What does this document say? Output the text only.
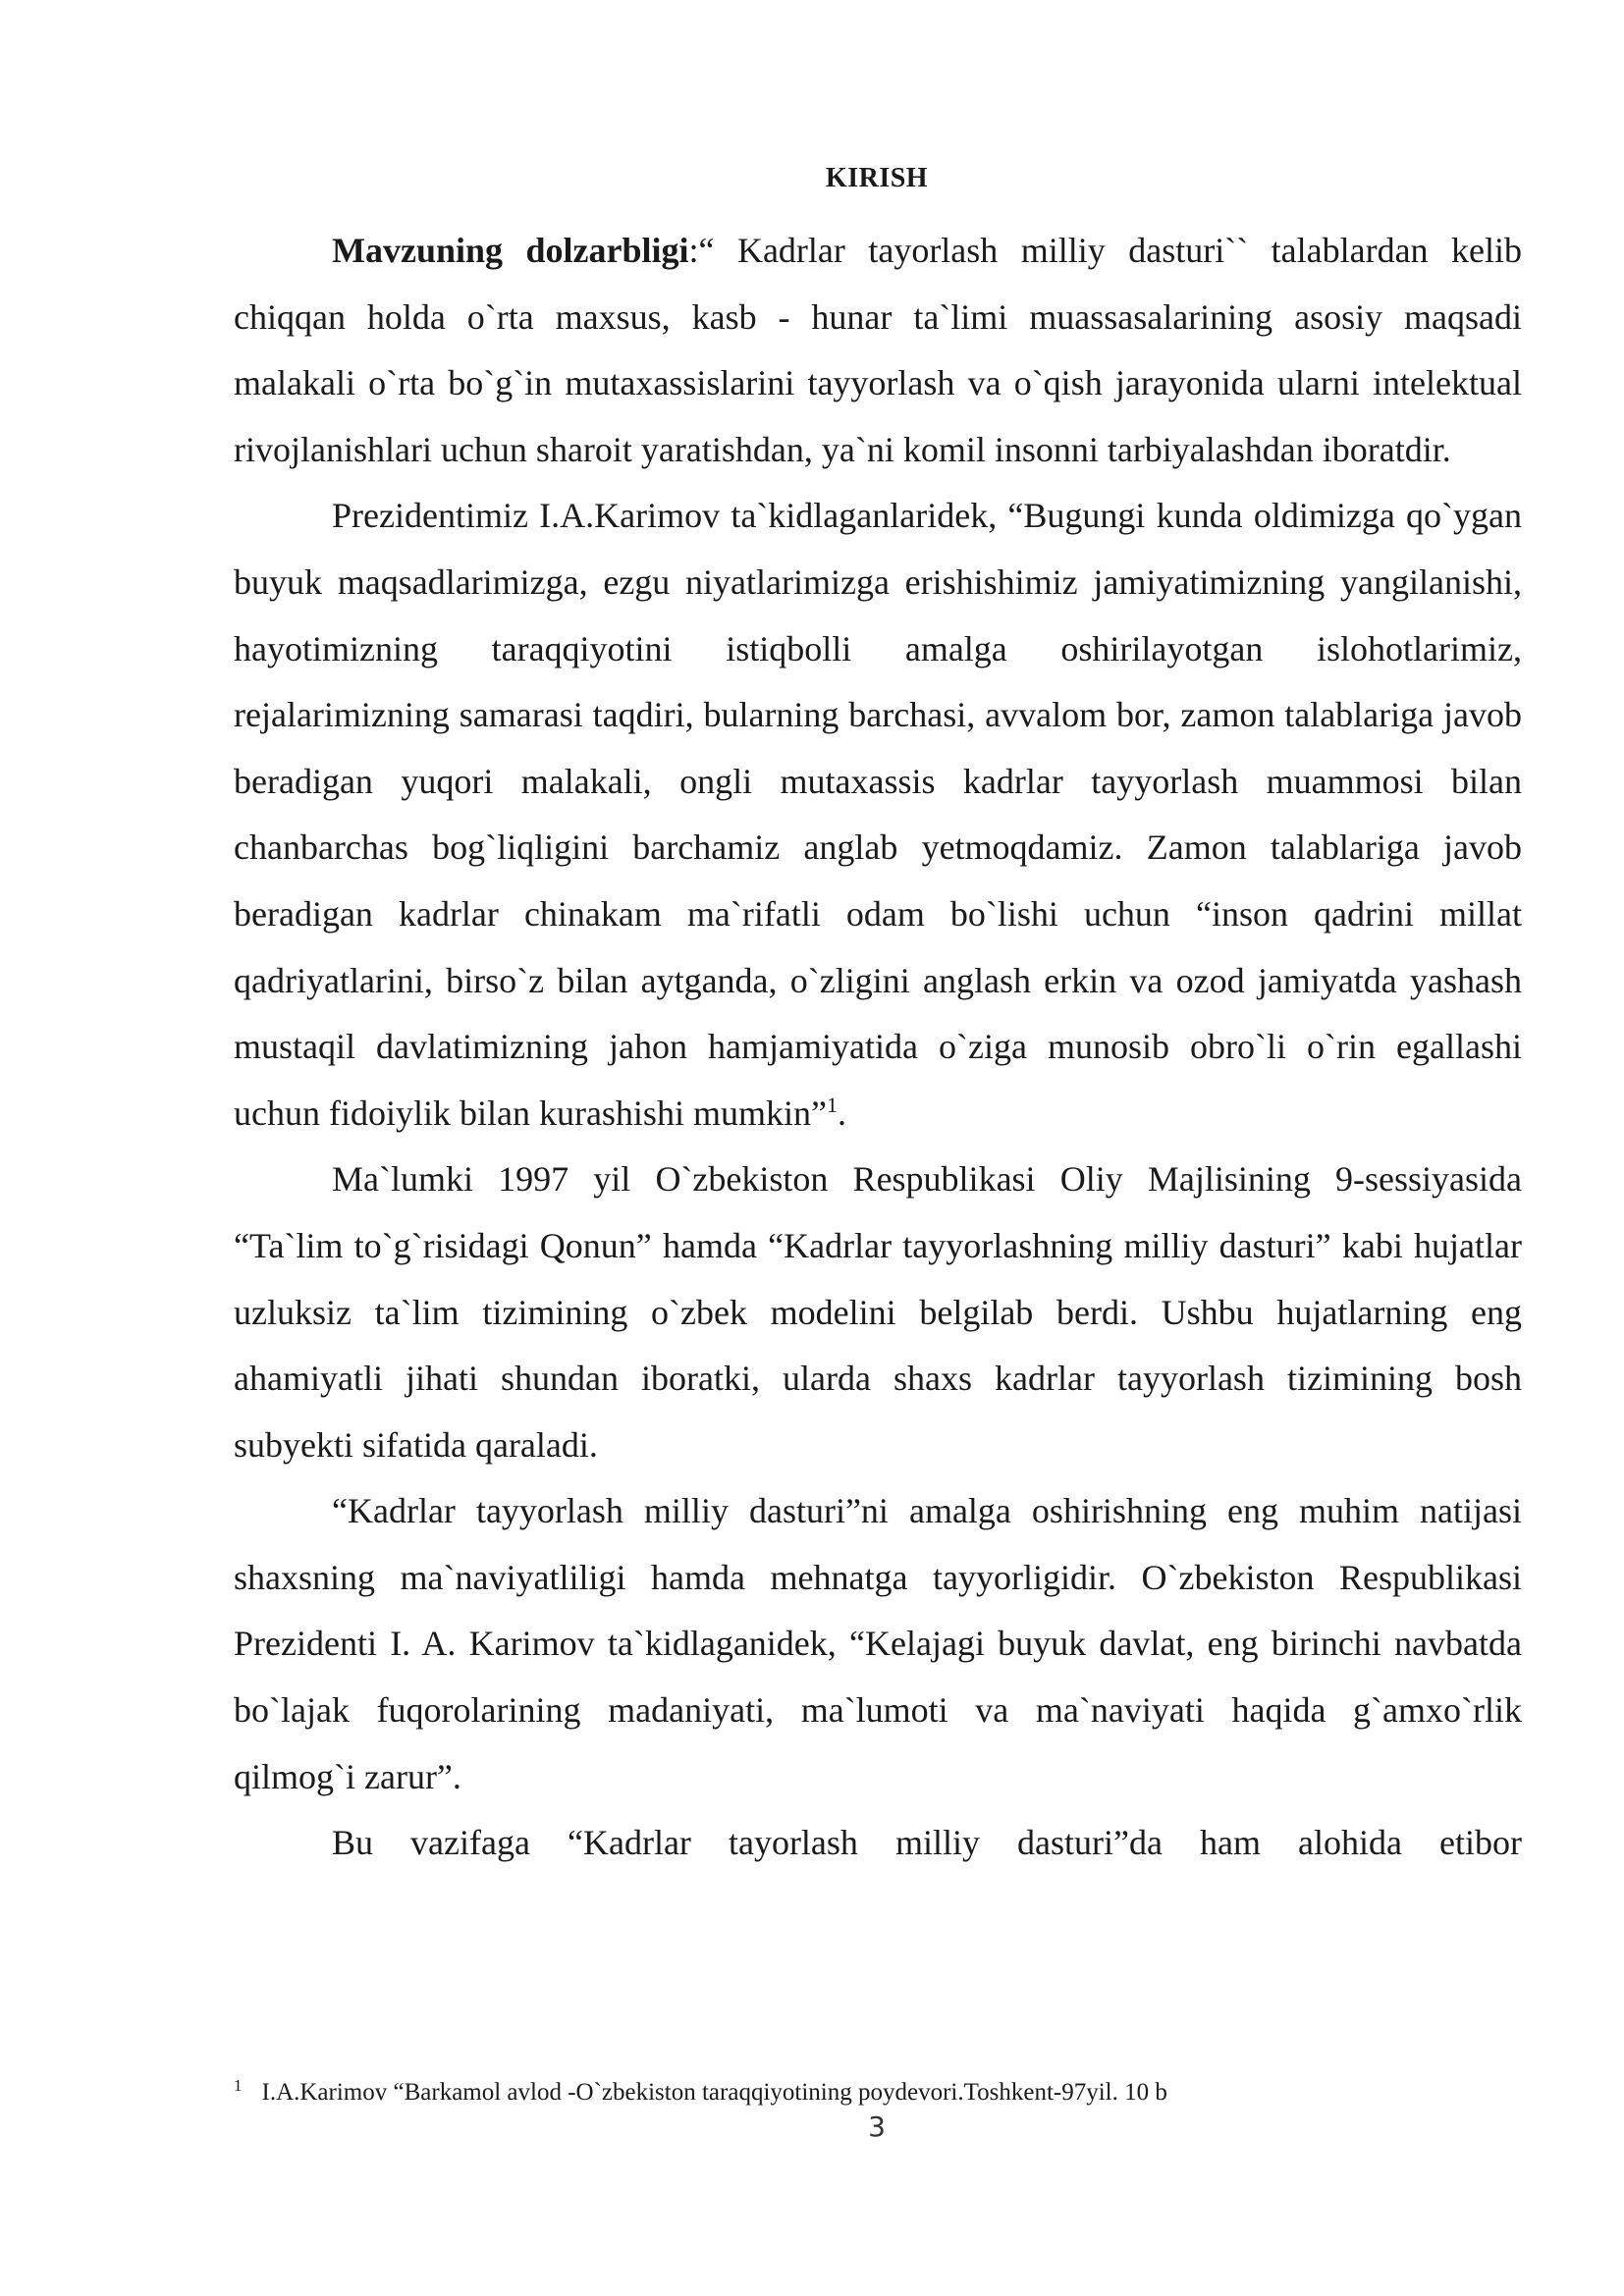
KIRISH

Mavzuning dolzarbligi:“ Kadrlar tayorlash milliy dasturi`` talablardan kelib chiqqan holda o`rta maxsus, kasb - hunar ta`limi muassasalarining asosiy maqsadi malakali o`rta bo`g`in mutaxassislarini tayyorlash va o`qish jarayonida ularni intelektual rivojlanishlari uchun sharoit yaratishdan, ya`ni komil insonni tarbiyalashdan iboratdir.

Prezidentimiz I.A.Karimov ta`kidlaganlaridek, “Bugungi kunda oldimizga qo`ygan buyuk maqsadlarimizga, ezgu niyatlarimizga erishishimiz jamiyatimizning yangilanishi, hayotimizning taraqqiyotini istiqbolli amalga oshirilayotgan islohotlarimiz, rejalarimizning samarasi taqdiri, bularning barchasi, avvalom bor, zamon talablariga javob beradigan yuqori malakali, ongli mutaxassis kadrlar tayyorlash muammosi bilan chanbarchas bog`liqligini barchamiz anglab yetmoqdamiz. Zamon talablariga javob beradigan kadrlar chinakam ma`rifatli odam bo`lishi uchun “inson qadrini millat qadriyatlarini, birso`z bilan aytganda, o`zligini anglash erkin va ozod jamiyatda yashash mustaqil davlatimizning jahon hamjamiyatida o`ziga munosib obro`li o`rin egallashi uchun fidoiylik bilan kurashishi mumkin”$^1$.

Ma`lumki 1997 yil O`zbekiston Respublikasi Oliy Majlisining 9-sessiyasida “Ta`lim to`g`risidagi Qonun” hamda “Kadrlar tayyorlashning milliy dasturi” kabi hujatlar uzluksiz ta`lim tizimining o`zbek modelini belgilab berdi. Ushbu hujatlarning eng ahamiyatli jihati shundan iboratki, ularda shaxs kadrlar tayyorlash tizimining bosh subyekti sifatida qaraladi.

“Kadrlar tayyorlash milliy dasturi”ni amalga oshirishning eng muhim natijasi shaxsning ma`naviyatliligi hamda mehnatga tayyorligidir. O`zbekiston Respublikasi Prezidenti I. A. Karimov ta`kidlaganidek, “Kelajagi buyuk davlat, eng birinchi navbatda bo`lajak fuqorolarining madaniyati, ma`lumoti va ma`naviyati haqida g`amxo`rlik qilmog`i zarur”.

Bu vazifaga “Kadrlar tayorlash milliy dasturi”da ham alohida etibor

$^1$ I.A.Karimov “Barkamol avlod -O`zbekiston taraqqiyotining poydevori.Toshkent-97yil. 10 b
3
